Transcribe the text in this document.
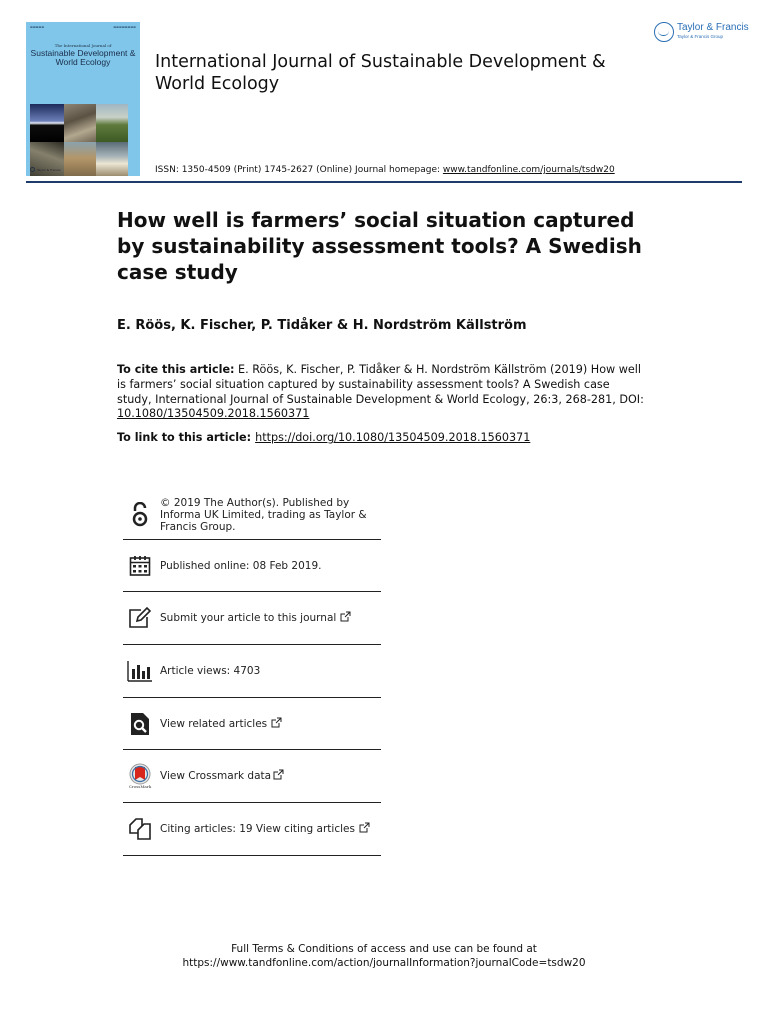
▬▬▬▬▬	▬▬▬▬▬▬▬▬
The International Journal of
Sustainable Development & World Ecology
Taylor & Francis
International Journal of Sustainable Development & World Ecology
ISSN: 1350-4509 (Print) 1745-2627 (Online) Journal homepage: www.tandfonline.com/journals/tsdw20
Taylor & Francis
Taylor & Francis Group
How well is farmers’ social situation captured by sustainability assessment tools? A Swedish case study
E. Röös, K. Fischer, P. Tidåker & H. Nordström Källström
To cite this article: E. Röös, K. Fischer, P. Tidåker & H. Nordström Källström (2019) How well is farmers’ social situation captured by sustainability assessment tools? A Swedish case study, International Journal of Sustainable Development & World Ecology, 26:3, 268-281, DOI: 10.1080/13504509.2018.1560371
To link to this article: https://doi.org/10.1080/13504509.2018.1560371
© 2019 The Author(s). Published by Informa UK Limited, trading as Taylor & Francis Group.
Published online: 08 Feb 2019.
Submit your article to this journal
Article views: 4703
View related articles
CrossMark
View Crossmark data
Citing articles: 19 View citing articles
Full Terms & Conditions of access and use can be found at
https://www.tandfonline.com/action/journalInformation?journalCode=tsdw20
